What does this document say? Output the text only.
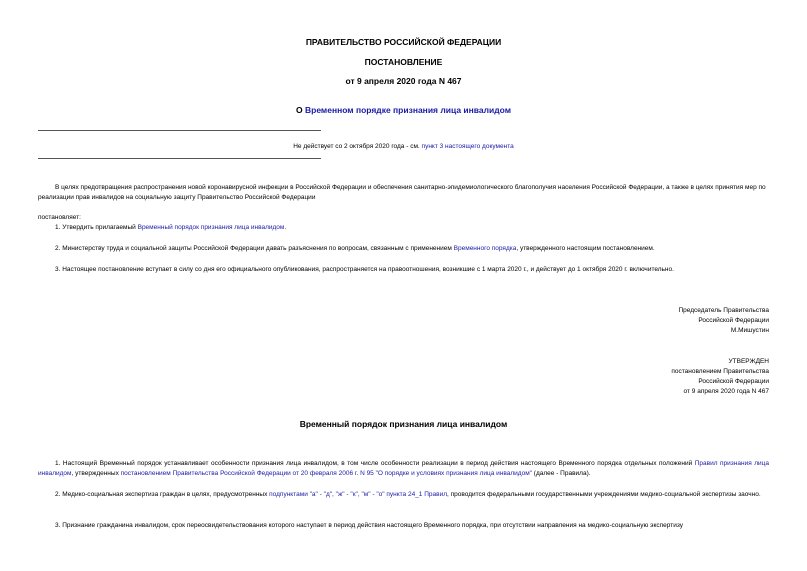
ПРАВИТЕЛЬСТВО РОССИЙСКОЙ ФЕДЕРАЦИИ
ПОСТАНОВЛЕНИЕ
от 9 апреля 2020 года N 467
О Временном порядке признания лица инвалидом
Не действует со 2 октября 2020 года - см. пункт 3 настоящего документа
В целях предотвращения распространения новой коронавирусной инфекции в Российской Федерации и обеспечения санитарно-эпидемиологического благополучия населения Российской Федерации, а также в целях принятия мер по реализации прав инвалидов на социальную защиту Правительство Российской Федерации
постановляет:
1. Утвердить прилагаемый Временный порядок признания лица инвалидом.
2. Министерству труда и социальной защиты Российской Федерации давать разъяснения по вопросам, связанным с применением Временного порядка, утвержденного настоящим постановлением.
3. Настоящее постановление вступает в силу со дня его официального опубликования, распространяется на правоотношения, возникшие с 1 марта 2020 г., и действует до 1 октября 2020 г. включительно.
Председатель Правительства
Российской Федерации
М.Мишустин
УТВЕРЖДЕН
постановлением Правительства
Российской Федерации
от 9 апреля 2020 года N 467
Временный порядок признания лица инвалидом
1. Настоящий Временный порядок устанавливает особенности признания лица инвалидом, в том числе особенности реализации в период действия настоящего Временного порядка отдельных положений Правил признания лица инвалидом, утвержденных постановлением Правительства Российской Федерации от 20 февраля 2006 г. N 95 "О порядке и условиях признания лица инвалидом" (далее - Правила).
2. Медико-социальная экспертиза граждан в целях, предусмотренных подпунктами "а" - "д", "ж" - "к", "м" - "о" пункта 24_1 Правил, проводится федеральными государственными учреждениями медико-социальной экспертизы заочно.
3. Признание гражданина инвалидом, срок переосвидетельствования которого наступает в период действия настоящего Временного порядка, при отсутствии направления на медико-социальную экспертизу
